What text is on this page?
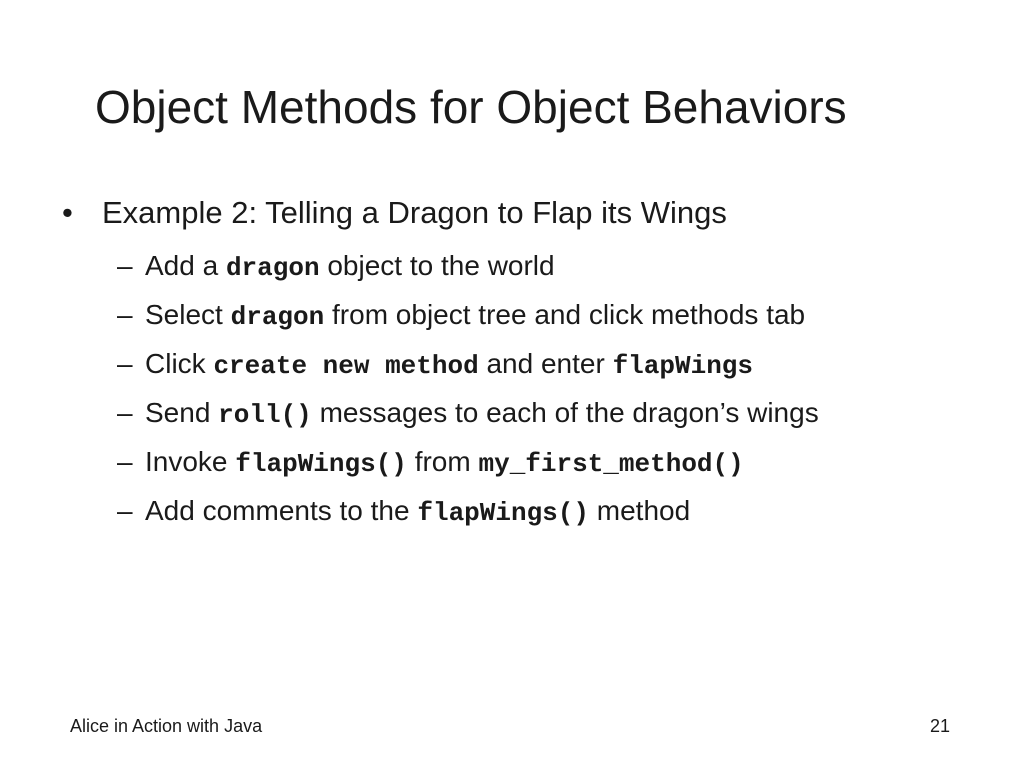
Object Methods for Object Behaviors
• Example 2: Telling a Dragon to Flap its Wings
– Add a dragon object to the world
– Select dragon from object tree and click methods tab
– Click create new method and enter flapWings
– Send roll() messages to each of the dragon’s wings
– Invoke flapWings() from my_first_method()
– Add comments to the flapWings() method
Alice in Action with Java	21
